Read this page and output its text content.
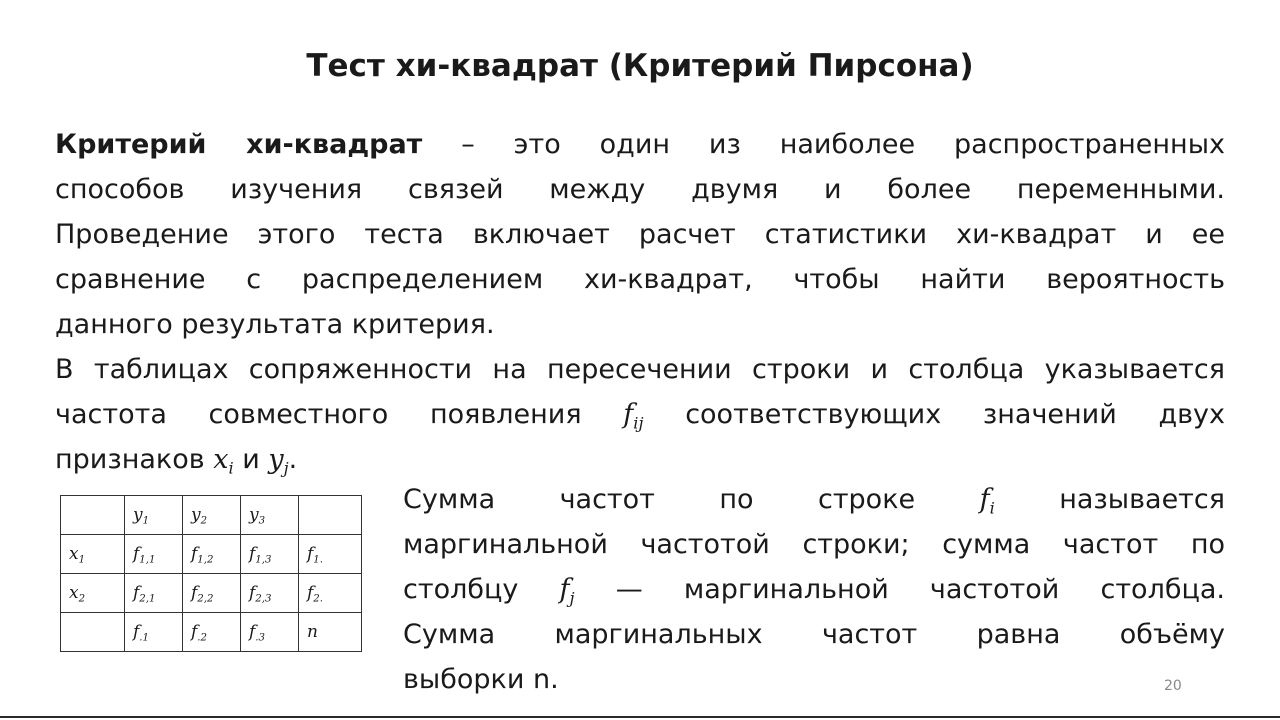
Тест хи-квадрат (Критерий Пирсона)
Критерий хи-квадрат – это один из наиболее распространенных
способов изучения связей между двумя и более переменными.
Проведение этого теста включает расчет статистики хи-квадрат и ее
сравнение с распределением хи-квадрат, чтобы найти вероятность
данного результата критерия.
В таблицах сопряженности на пересечении строки и столбца указывается
частота совместного появления $f_{ij}$ соответствующих значений двух
признаков $x_i$ и $y_j$.
	$y_1$	$y_2$	$y_3$	
$x_1$	$f_{1,1}$	$f_{1,2}$	$f_{1,3}$	$f_{1.}$
$x_2$	$f_{2,1}$	$f_{2,2}$	$f_{2,3}$	$f_{2.}$
	$f_{.1}$	$f_{.2}$	$f_{.3}$	n
Сумма частот по строке $f_i$ называется
маргинальной частотой строки; сумма частот по
столбцу $f_j$ — маргинальной частотой столбца.
Сумма маргинальных частот равна объёму
выборки n.	20
